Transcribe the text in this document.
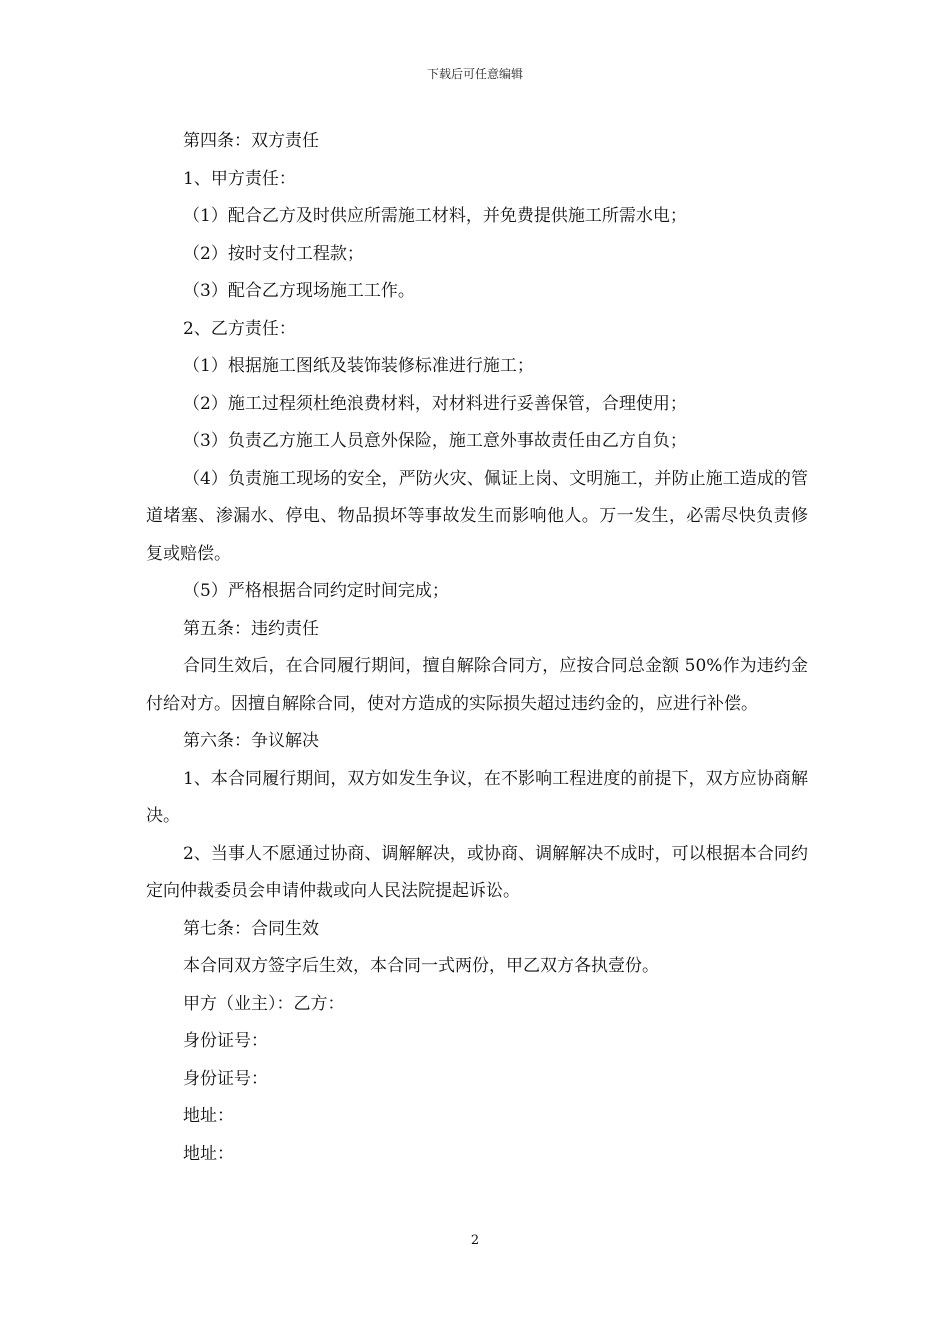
下载后可任意编辑

第四条：双方责任

1、甲方责任：

（1）配合乙方及时供应所需施工材料，并免费提供施工所需水电；

（2）按时支付工程款；

（3）配合乙方现场施工工作。

2、乙方责任：

（1）根据施工图纸及装饰装修标准进行施工；

（2）施工过程须杜绝浪费材料，对材料进行妥善保管，合理使用；

（3）负责乙方施工人员意外保险，施工意外事故责任由乙方自负；

（4）负责施工现场的安全，严防火灾、佩证上岗、文明施工，并防止施工造成的管道堵塞、渗漏水、停电、物品损坏等事故发生而影响他人。万一发生，必需尽快负责修复或赔偿。

（5）严格根据合同约定时间完成；

第五条：违约责任

合同生效后，在合同履行期间，擅自解除合同方，应按合同总金额 50%作为违约金付给对方。因擅自解除合同，使对方造成的实际损失超过违约金的，应进行补偿。

第六条：争议解决

1、本合同履行期间，双方如发生争议，在不影响工程进度的前提下，双方应协商解决。

2、当事人不愿通过协商、调解解决，或协商、调解解决不成时，可以根据本合同约定向仲裁委员会申请仲裁或向人民法院提起诉讼。

第七条：合同生效

本合同双方签字后生效，本合同一式两份，甲乙双方各执壹份。

甲方（业主）：乙方：

身份证号：

身份证号：

地址：

地址：

2
